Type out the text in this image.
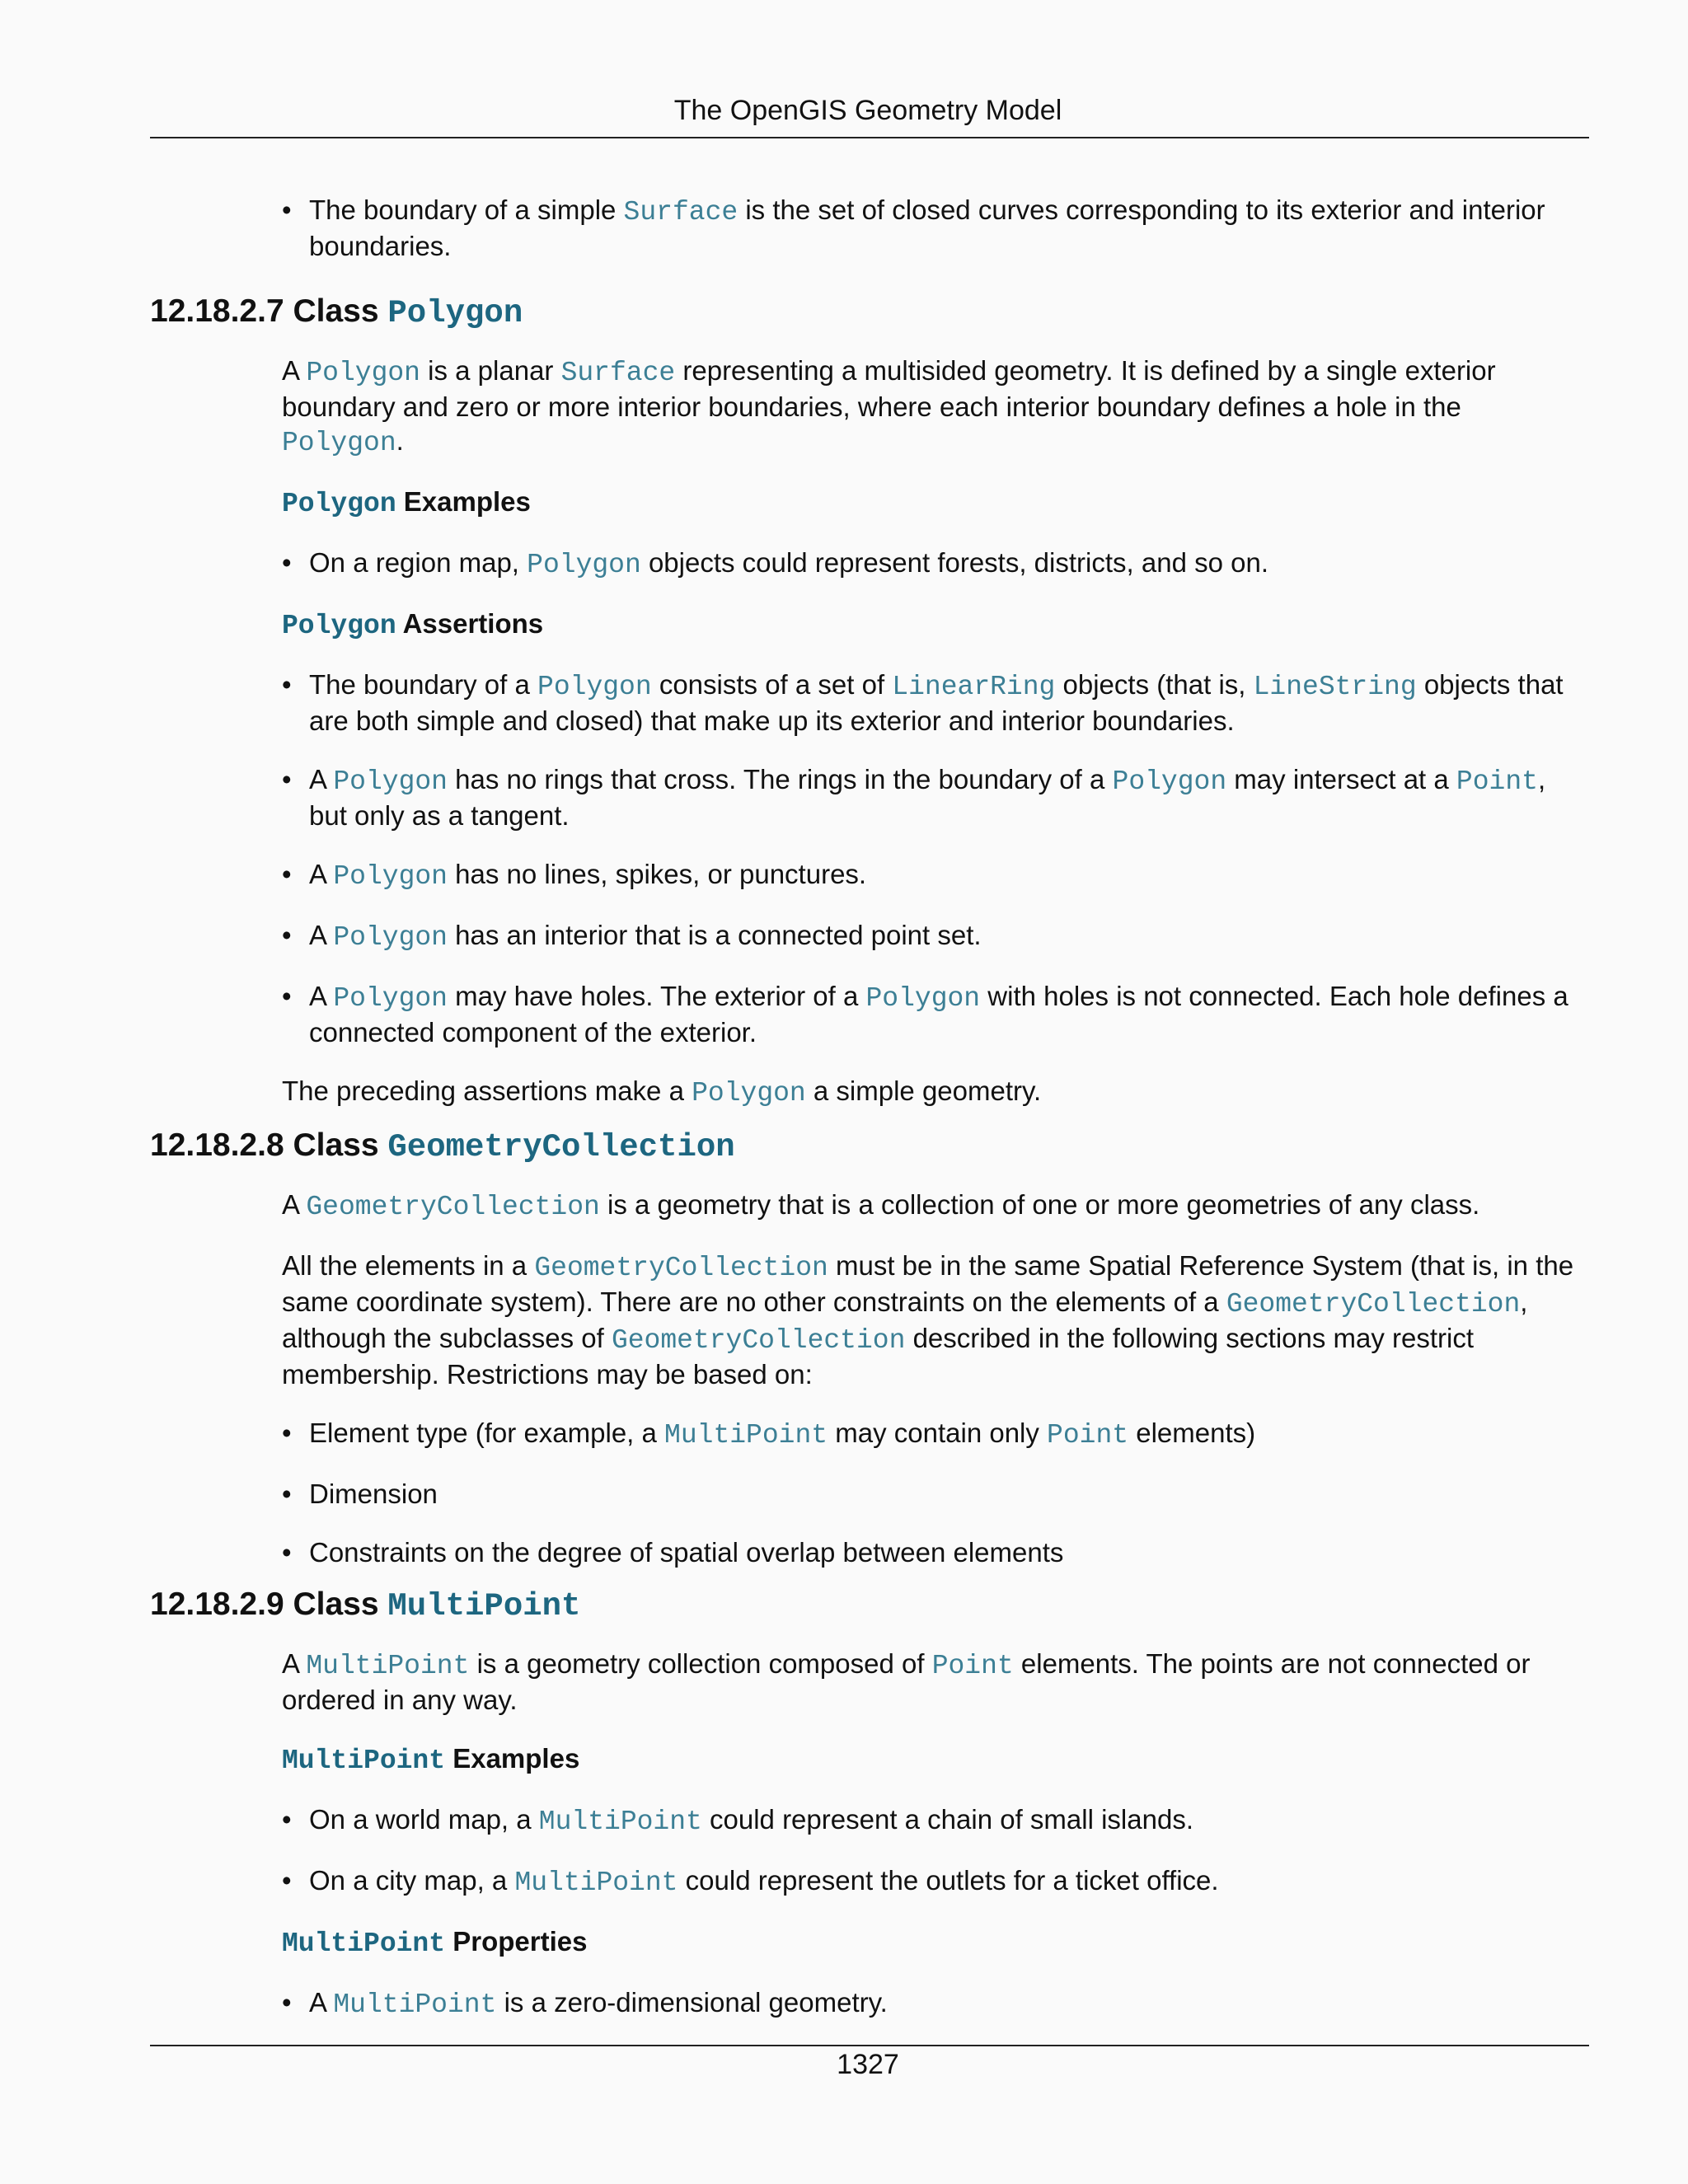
The OpenGIS Geometry Model
• The boundary of a simple Surface is the set of closed curves corresponding to its exterior and interior boundaries.
12.18.2.7 Class Polygon

A Polygon is a planar Surface representing a multisided geometry. It is defined by a single exterior boundary and zero or more interior boundaries, where each interior boundary defines a hole in the Polygon.

Polygon Examples
• On a region map, Polygon objects could represent forests, districts, and so on.
Polygon Assertions
• The boundary of a Polygon consists of a set of LinearRing objects (that is, LineString objects that are both simple and closed) that make up its exterior and interior boundaries.
• A Polygon has no rings that cross. The rings in the boundary of a Polygon may intersect at a Point, but only as a tangent.
• A Polygon has no lines, spikes, or punctures.
• A Polygon has an interior that is a connected point set.
• A Polygon may have holes. The exterior of a Polygon with holes is not connected. Each hole defines a connected component of the exterior.

The preceding assertions make a Polygon a simple geometry.

12.18.2.8 Class GeometryCollection

A GeometryCollection is a geometry that is a collection of one or more geometries of any class.

All the elements in a GeometryCollection must be in the same Spatial Reference System (that is, in the same coordinate system). There are no other constraints on the elements of a GeometryCollection, although the subclasses of GeometryCollection described in the following sections may restrict membership. Restrictions may be based on:

• Element type (for example, a MultiPoint may contain only Point elements)
• Dimension
• Constraints on the degree of spatial overlap between elements
12.18.2.9 Class MultiPoint

A MultiPoint is a geometry collection composed of Point elements. The points are not connected or ordered in any way.

MultiPoint Examples
• On a world map, a MultiPoint could represent a chain of small islands.
• On a city map, a MultiPoint could represent the outlets for a ticket office.
MultiPoint Properties
• A MultiPoint is a zero-dimensional geometry.
1327
